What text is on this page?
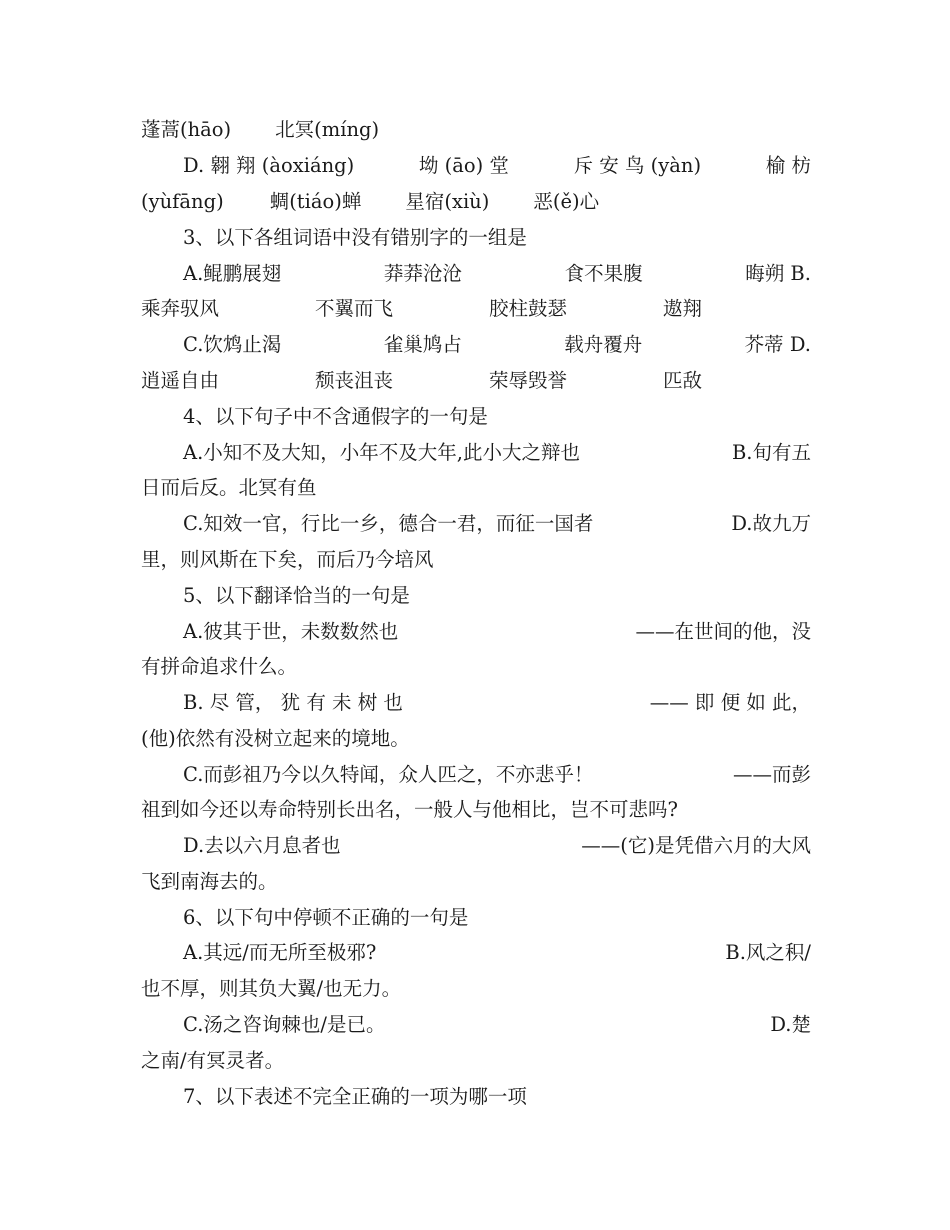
蓬蒿(hāo) 北冥(míng)
D. 翱 翔 (àoxiáng)	坳 (āo) 堂	斥 安 鸟 (yàn)	榆 枋
(yùfāng) 蜩(tiáo)蝉 星宿(xiù) 恶(ě)心
3、以下各组词语中没有错别字的一组是
A.鲲鹏展翅	莽莽沧沧	食不果腹	晦朔 B.
乘奔驭风	不翼而飞	胶柱鼓瑟	遨翔
C.饮鸩止渴	雀巢鸠占	载舟覆舟	芥蒂 D.
逍遥自由	颓丧沮丧	荣辱毁誉	匹敌
4、以下句子中不含通假字的一句是
A.小知不及大知，小年不及大年,此小大之辩也	B.旬有五
日而后反。北冥有鱼
C.知效一官，行比一乡，德合一君，而征一国者	D.故九万
里，则风斯在下矣，而后乃今培风
5、以下翻译恰当的一句是
A.彼其于世，未数数然也	——在世间的他，没
有拼命追求什么。
B. 尽 管， 犹 有 未 树 也	—— 即 便 如 此，
(他)依然有没树立起来的境地。
C.而彭祖乃今以久特闻，众人匹之，不亦悲乎！	——而彭
祖到如今还以寿命特别长出名，一般人与他相比，岂不可悲吗?
D.去以六月息者也	——(它)是凭借六月的大风
飞到南海去的。
6、以下句中停顿不正确的一句是
A.其远/而无所至极邪?	B.风之积/
也不厚，则其负大翼/也无力。
C.汤之咨询棘也/是已。	D.楚
之南/有冥灵者。
7、以下表述不完全正确的一项为哪一项
